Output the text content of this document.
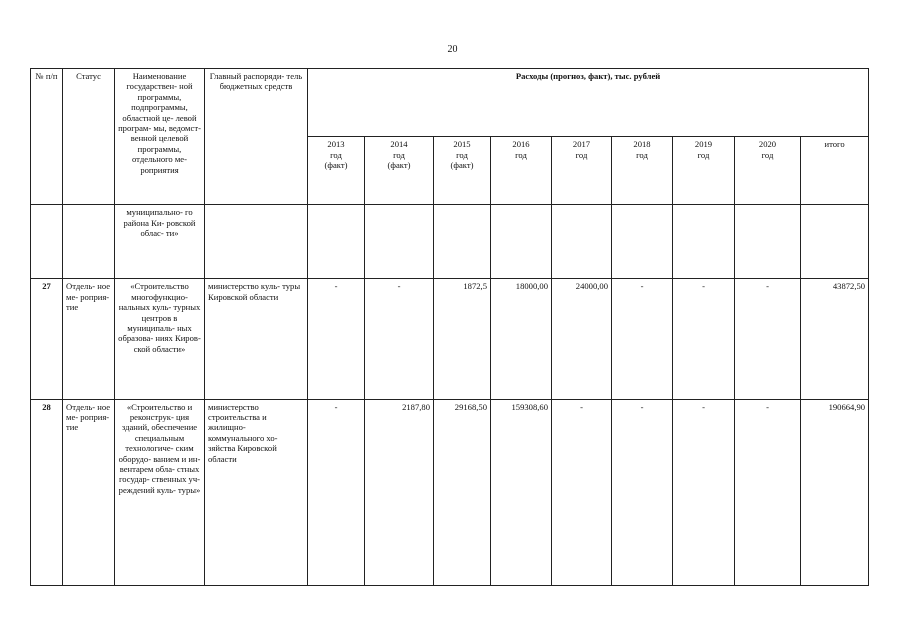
20
№ п/п	Статус	Наименование государствен- ной программы, подпрограммы, областной це- левой програм- мы, ведомст- венной целевой программы, отдельного ме- роприятия	Главный распоряди- тель бюджетных средств	Расходы (прогноз, факт), тыс. рублей								
				2013
год
(факт)	2014
год
(факт)	2015
год
(факт)	2016
год	2017
год	2018
год	2019
год	2020
год	итого
		муниципально- го района Ки- ровской облас- ти»										
27	Отдель- ное ме- роприя- тие	«Строительство многофункцио- нальных куль- турных центров в муниципаль- ных образова- ниях Киров- ской области»	министерство куль- туры Кировской области	-	-	1872,5	18000,00	24000,00	-	-	-	43872,50
28	Отдель- ное ме- роприя- тие	«Строительство и реконструк- ция зданий, обеспечение специальным технологиче- ским оборудо- ванием и ин- вентарем обла- стных государ- ственных уч- реждений куль- туры»	министерство строительства и жилищно- коммунального хо- зяйства Кировской области	-	2187,80	29168,50	159308,60	-	-	-	-	190664,90
